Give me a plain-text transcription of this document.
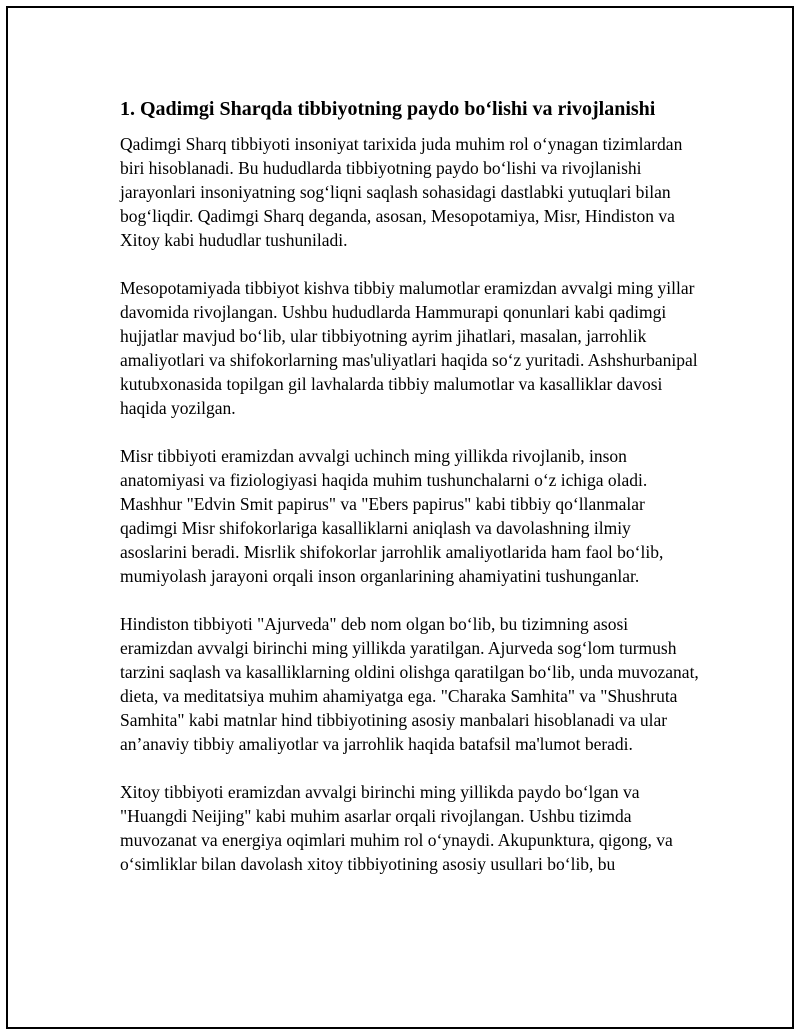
1. Qadimgi Sharqda tibbiyotning paydo bo‘lishi va rivojlanishi

Qadimgi Sharq tibbiyoti insoniyat tarixida juda muhim rol o‘ynagan tizimlardan biri hisoblanadi. Bu hududlarda tibbiyotning paydo bo‘lishi va rivojlanishi jarayonlari insoniyatning sog‘liqni saqlash sohasidagi dastlabki yutuqlari bilan bog‘liqdir. Qadimgi Sharq deganda, asosan, Mesopotamiya, Misr, Hindiston va Xitoy kabi hududlar tushuniladi.

Mesopotamiyada tibbiyot kishva tibbiy malumotlar eramizdan avvalgi ming yillar davomida rivojlangan. Ushbu hududlarda Hammurapi qonunlari kabi qadimgi hujjatlar mavjud bo‘lib, ular tibbiyotning ayrim jihatlari, masalan, jarrohlik amaliyotlari va shifokorlarning mas'uliyatlari haqida so‘z yuritadi. Ashshurbanipal kutubxonasida topilgan gil lavhalarda tibbiy malumotlar va kasalliklar davosi haqida yozilgan.

Misr tibbiyoti eramizdan avvalgi uchinch ming yillikda rivojlanib, inson anatomiyasi va fiziologiyasi haqida muhim tushunchalarni o‘z ichiga oladi. Mashhur "Edvin Smit papirus" va "Ebers papirus" kabi tibbiy qo‘llanmalar qadimgi Misr shifokorlariga kasalliklarni aniqlash va davolashning ilmiy asoslarini beradi. Misrlik shifokorlar jarrohlik amaliyotlarida ham faol bo‘lib, mumiyolash jarayoni orqali inson organlarining ahamiyatini tushunganlar.

Hindiston tibbiyoti "Ajurveda" deb nom olgan bo‘lib, bu tizimning asosi eramizdan avvalgi birinchi ming yillikda yaratilgan. Ajurveda sog‘lom turmush tarzini saqlash va kasalliklarning oldini olishga qaratilgan bo‘lib, unda muvozanat, dieta, va meditatsiya muhim ahamiyatga ega. "Charaka Samhita" va "Shushruta Samhita" kabi matnlar hind tibbiyotining asosiy manbalari hisoblanadi va ular an’anaviy tibbiy amaliyotlar va jarrohlik haqida batafsil ma'lumot beradi.

Xitoy tibbiyoti eramizdan avvalgi birinchi ming yillikda paydo bo‘lgan va "Huangdi Neijing" kabi muhim asarlar orqali rivojlangan. Ushbu tizimda muvozanat va energiya oqimlari muhim rol o‘ynaydi. Akupunktura, qigong, va o‘simliklar bilan davolash xitoy tibbiyotining asosiy usullari bo‘lib, bu
